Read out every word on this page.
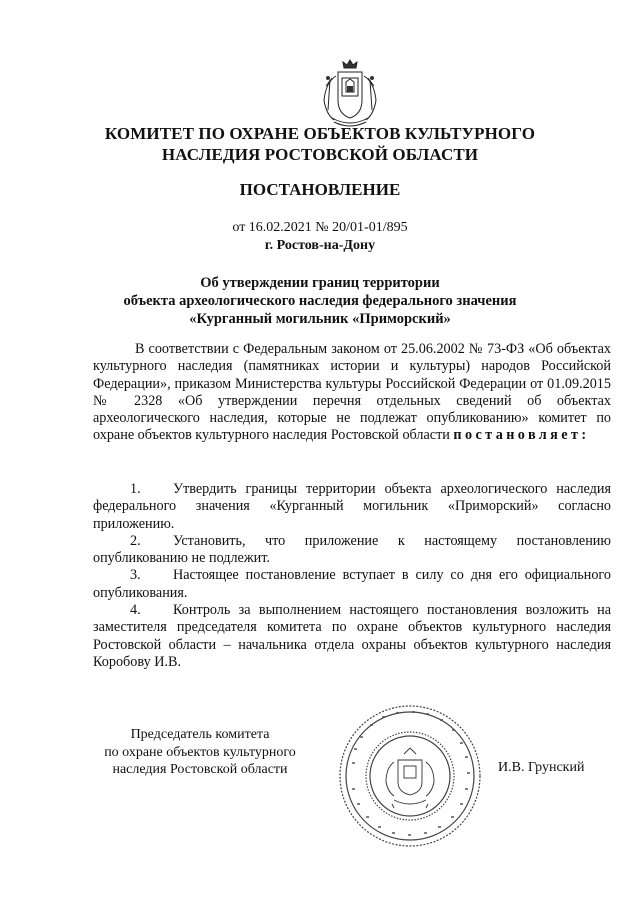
КОМИТЕТ ПО ОХРАНЕ ОБЪЕКТОВ КУЛЬТУРНОГО
НАСЛЕДИЯ РОСТОВСКОЙ ОБЛАСТИ
ПОСТАНОВЛЕНИЕ
от 16.02.2021 № 20/01-01/895
г. Ростов-на-Дону
Об утверждении границ территории
объекта археологического наследия федерального значения
«Курганный могильник «Приморский»

В соответствии с Федеральным законом от 25.06.2002 № 73-ФЗ «Об объектах культурного наследия (памятниках истории и культуры) народов Российской Федерации», приказом Министерства культуры Российской Федерации от 01.09.2015 № 2328 «Об утверждении перечня отдельных сведений об объектах археологического наследия, которые не подлежат опубликованию» комитет по охране объектов культурного наследия Ростовской области постановляет:

1. Утвердить границы территории объекта археологического наследия федерального значения «Курганный могильник «Приморский» согласно приложению.
2. Установить, что приложение к настоящему постановлению опубликованию не подлежит.
3. Настоящее постановление вступает в силу со дня его официального опубликования.
4. Контроль за выполнением настоящего постановления возложить на заместителя председателя комитета по охране объектов культурного наследия Ростовской области – начальника отдела охраны объектов культурного наследия Коробову И.В.
Председатель комитета
по охране объектов культурного
наследия Ростовской области	И.В. Грунский
